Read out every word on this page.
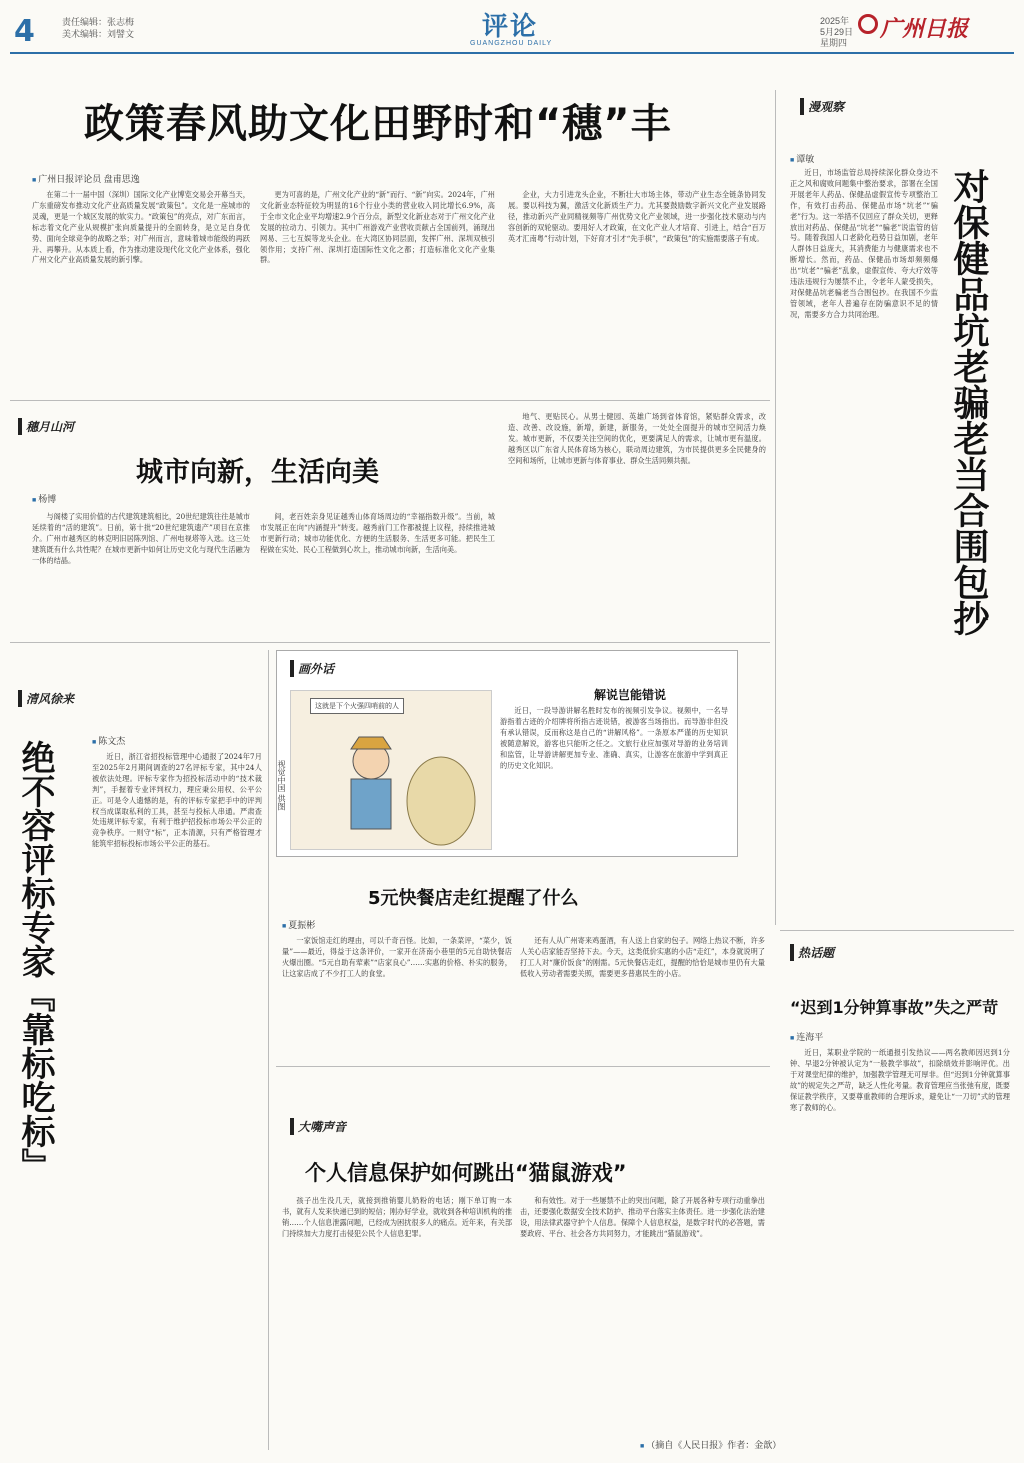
4	责任编辑：张志梅
美术编辑：刘譬文	评论
GUANGZHOU DAILY
2025年
5月29日
星期四
广州日报
政策春风助文化田野时和“穗”丰
■ 广州日报评论员 盘甫思逸
在第二十一届中国（深圳）国际文化产业博览交易会开幕当天，广东重磅发布推动文化产业高质量发展“政策包”。文化是一座城市的灵魂，更是一个城区发展的软实力。“政策包”的亮点，对广东而言，标志着文化产业从规模扩张向质量提升的全面转身，是立足自身优势、面向全球竞争的战略之举；对广州而言，意味着城市能级的再跃升、再攀升。从本质上看，作为推动建设现代化文化产业体系，强化广州文化产业高质量发展的新引擎。
更为可喜的是，广州文化产业的“新”而行、“新”向实。2024年，广州文化新业态特征较为明显的16个行业小类的营业收入同比增长6.9%，高于全市文化企业平均增速2.9个百分点，新型文化新业态对于广州文化产业发展的拉动力、引领力。其中广州游戏产业营收贡献占全国前列，涌现出网易、三七互娱等龙头企业。在大湾区协同层面，发挥广州、深圳双核引领作用；支持广州、深圳打造国际性文化之都；打造标准化文化产业集群。
企业，大力引进龙头企业，不断壮大市场主体，带动产业生态全链条协同发展。要以科技为翼，激活文化新质生产力。尤其要鼓励数字新兴文化产业发展路径，推动新兴产业同精视频等广州优势文化产业领域，进一步强化技术驱动与内容创新的双轮驱动。要用好人才政策，在文化产业人才培育、引进上，结合“百万英才汇南粤”行动计划，下好育才引才“先手棋”，“政策包”的实施需要落子有成。
漫观察
■ 谭敏
对保健品坑老骗老当合围包抄
近日，市场监管总局持续深化群众身边不正之风和腐败问题集中整治要求，部署在全国开展老年人药品、保健品虚假宣传专项整治工作，有效打击药品、保健品市场“坑老”“骗老”行为。这一举措不仅回应了群众关切，更释放出对药品、保健品“坑老”“骗老”说监管的信号。随着我国人口老龄化趋势日益加剧，老年人群体日益庞大，其消费能力与健康需求也不断增长。然而，药品、保健品市场却频频爆出“坑老”“骗老”乱象，虚假宣传、夸大疗效等违法违规行为屡禁不止，令老年人蒙受损失，对保健品坑老骗老当合围包抄。在我国不少监管领域，老年人普遍存在防骗意识不足的情况，需要多方合力共同治理。
穗月山河
城市向新，生活向美
■ 杨博
与阁楼了实用价值的古代建筑建筑相比，20世纪建筑往往是城市延续着的“活的建筑”。日前，第十批“20世纪建筑遗产”项目在京推介。广州市越秀区的林克明旧居陈列馆、广州电视塔等入选。这三处建筑既有什么共性呢？在城市更新中如何让历史文化与现代生活融为一体的结晶。
间，老百姓亲身见证越秀山体育场周边的“幸福指数升级”。当前，城市发展正在向“内涵提升”转变。越秀前门工作都被提上议程，持续推进城市更新行动；城市功能优化、方便的生活服务、生活更多可能。把民生工程做在实处、民心工程做到心坎上，推动城市向新，生活向美。
地气、更贴民心。从男士健园、英雄广场到省体育馆，紧贴群众需求，改造、改善、改设施，新增，新建，新服务，一处处全面提升的城市空间活力焕发。城市更新，不仅要关注空间的优化，更要满足人的需求，让城市更有温度。越秀区以广东省人民体育场为核心，联动周边建筑，为市民提供更多全民健身的空间和场所，让城市更新与体育事业、群众生活同频共振。
清风徐来
■ 陈文杰
绝不容评标专家『靠标吃标』	近日，浙江省招投标管理中心通报了2024年7月至2025年2月期间调查的27名评标专家，其中24人被依法处理。评标专家作为招投标活动中的“技术裁判”，手握着专业评判权力，理应秉公用权、公平公正。可是令人遗憾的是，有的评标专家把手中的评判权当成谋取私利的工具，甚至与投标人串通。严肃查处违规评标专家，有利于维护招投标市场公平公正的竞争秩序。一则守“标”，正本清源，只有严格管理才能筑牢招标投标市场公平公正的基石。
画外话
这就是下个火强四哨前的人
视觉中国 供图
解说岂能错说
近日，一段导游讲解名胜时发布的视频引发争议。视频中，一名导游指着古迹的介绍牌将所指古迹说错，被游客当场指出。而导游非但没有承认错误，反而称这是自己的“讲解风格”。一条原本严谨的历史知识被随意解说，游客也只能听之任之。文旅行业应加强对导游的业务培训和监管，让导游讲解更加专业、准确、真实，让游客在旅游中学到真正的历史文化知识。
5元快餐店走红提醒了什么
■ 夏振彬
一家饭馆走红的理由，可以千奇百怪。比如，一条菜评，“菜少，饭量”——最近，得益于这条评价，一家开在济南小巷里的5元自助快餐店火爆出圈。“5元自助有荤素”“店家良心”……实惠的价格、朴实的服务，让这家店成了不少打工人的食堂。
还有人从广州寄来鸡蛋酒，有人送上自家的包子。网络上热议不断，许多人关心店家能否坚持下去。今天，这类低价实惠的小店“走红”，本身就说明了打工人对“廉价饭食”的刚需。5元快餐店走红，提醒的恰恰是城市里仍有大量低收入劳动者需要关照，需要更多普惠民生的小店。
大嘴声音
个人信息保护如何跳出“猫鼠游戏”
孩子出生没几天，就接到推销婴儿奶粉的电话；刚下单订购一本书，就有人发来快递已到的短信；刚办好学业，就收到各种培训机构的推销……个人信息泄露问题，已经成为困扰很多人的痛点。近年来，有关部门持续加大力度打击侵犯公民个人信息犯罪。
和有效性。对于一些屡禁不止的突出问题，除了开展各种专项行动重拳出击，还要强化数据安全技术防护、推动平台落实主体责任。进一步强化法治建设，用法律武器守护个人信息。保障个人信息权益，是数字时代的必答题，需要政府、平台、社会各方共同努力，才能跳出“猫鼠游戏”。
■ （摘自《人民日报》作者：金歆）
热话题
“迟到1分钟算事故”失之严苛
■ 连海平
近日，某职业学院的一纸通报引发热议——两名教师因迟到1分钟、早退2分钟被认定为“一般教学事故”，扣除绩效并影响评优。出于对课堂纪律的维护，加强教学管理无可厚非。但“迟到1分钟就算事故”的规定失之严苛，缺乏人性化考量。教育管理应当张弛有度，既要保证教学秩序，又要尊重教师的合理诉求，避免让“一刀切”式的管理寒了教师的心。
